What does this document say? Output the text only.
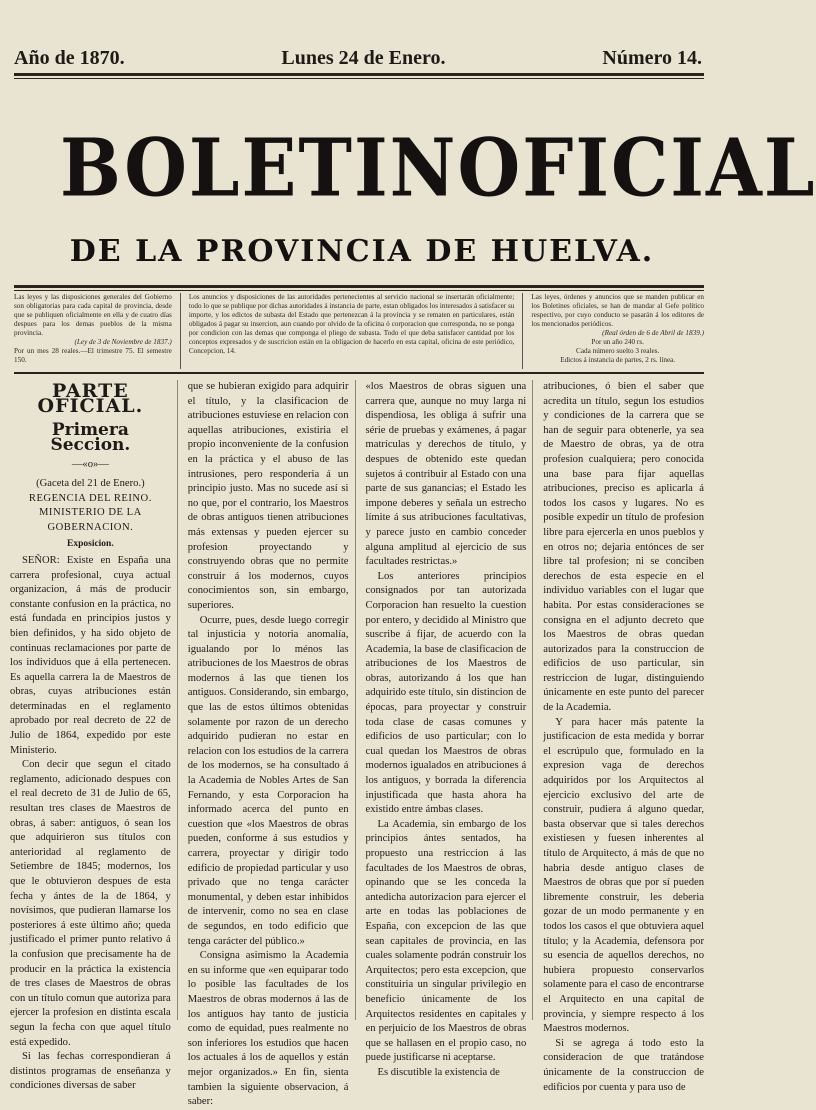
Año de 1870.	Lunes 24 de Enero.	Número 14.
BOLETIN OFICIAL
DE LA PROVINCIA DE HUELVA.
Las leyes y las disposiciones generales del Gobierno son obligatorias para cada capital de provincia, desde que se publiquen oficialmente en ella y de cuatro días despues para los demas pueblos de la misma provincia.
(Ley de 3 de Noviembre de 1837.)
Por un mes 28 reales.—El trimestre 75. El semestre 150.
Los anuncios y disposiciones de las autoridades pertenecientes al servicio nacional se insertarán oficialmente; todo lo que se publique por dichas autoridades á instancia de parte, estan obligados los interesados á satisfacer su importe, y los edictos de subasta del Estado que pertenezcan á la provincia y se rematen en particulares, están obligados á pagar su insercion, aun cuando por olvido de la oficina ó corporacion que corresponda, no se ponga por condicion con las demas que componga el pliego de subasta. Todo el que deba satisfacer cantidad por los conceptos expresados y de suscricion están en la obligacion de hacerlo en esta capital, oficina de este periódico, Concepcion, 14.
Las leyes, órdenes y anuncios que se manden publicar en los Boletines oficiales, se han de mandar al Gefe político respectivo, por cuyo conducto se pasarán á los editores de los mencionados periódicos.
(Real órden de 6 de Abril de 1839.)
Por un año 240 rs.
Cada número suelto 3 reales.
Edictos á instancia de partes, 2 rs. línea.
PARTE OFICIAL.
Primera Seccion.
—«o»—

(Gaceta del 21 de Enero.)

REGENCIA DEL REINO.

MINISTERIO DE LA GOBERNACION.

Exposicion.

SEÑOR: Existe en España una carrera profesional, cuya actual organizacion, á más de producir constante confusion en la práctica, no está fundada en principios justos y bien definidos, y ha sido objeto de continuas reclamaciones por parte de los individuos que á ella pertenecen. Es aquella carrera la de Maestros de obras, cuyas atribuciones están determinadas en el reglamento aprobado por real decreto de 22 de Julio de 1864, expedido por este Ministerio.

Con decir que segun el citado reglamento, adicionado despues con el real decreto de 31 de Julio de 65, resultan tres clases de Maestros de obras, á saber: antiguos, ó sean los que adquirieron sus títulos con anterioridad al reglamento de Setiembre de 1845; modernos, los que le obtuvieron despues de esta fecha y ántes de la de 1864, y novísimos, que pudieran llamarse los posteriores á este último año; queda justificado el primer punto relativo á la confusion que precisamente ha de producir en la práctica la existencia de tres clases de Maestros de obras con un título comun que autoriza para ejercer la profesion en distinta escala segun la fecha con que aquel título está expedido.

Si las fechas correspondieran á distintos programas de enseñanza y condiciones diversas de saber

que se hubieran exigido para adquirir el título, y la clasificacion de atribuciones estuviese en relacion con aquellas atribuciones, existiria el propio inconveniente de la confusion en la práctica y el abuso de las intrusiones, pero responderia á un principio justo. Mas no sucede así si no que, por el contrario, los Maestros de obras antiguos tienen atribuciones más extensas y pueden ejercer su profesion proyectando y construyendo obras que no permite construir á los modernos, cuyos conocimientos son, sin embargo, superiores.

Ocurre, pues, desde luego corregir tal injusticia y notoria anomalía, igualando por lo ménos las atribuciones de los Maestros de obras modernos á las que tienen los antiguos. Considerando, sin embargo, que las de estos últimos obtenidas solamente por razon de un derecho adquirido pudieran no estar en relacion con los estudios de la carrera de los modernos, se ha consultado á la Academia de Nobles Artes de San Fernando, y esta Corporacion ha informado acerca del punto en cuestion que «los Maestros de obras pueden, conforme á sus estudios y carrera, proyectar y dirigir todo edificio de propiedad particular y uso privado que no tenga carácter monumental, y deben estar inhibidos de intervenir, como no sea en clase de segundos, en todo edificio que tenga carácter del público.»

Consigna asimismo la Academia en su informe que «en equiparar todo lo posible las facultades de los Maestros de obras modernos á las de los antiguos hay tanto de justicia como de equidad, pues realmente no son inferiores los estudios que hacen los actuales á los de aquellos y están mejor organizados.» En fin, sienta tambien la siguiente observacion, á saber:

«los Maestros de obras siguen una carrera que, aunque no muy larga ni dispendiosa, les obliga á sufrir una série de pruebas y exámenes, á pagar matrículas y derechos de título, y despues de obtenido este quedan sujetos á contribuir al Estado con una parte de sus ganancias; el Estado les impone deberes y señala un estrecho límite á sus atribuciones facultativas, y parece justo en cambio conceder alguna amplitud al ejercicio de sus facultades restrictas.»

Los anteriores principios consignados por tan autorizada Corporacion han resuelto la cuestion por entero, y decidido al Ministro que suscribe á fijar, de acuerdo con la Academia, la base de clasificacion de atribuciones de los Maestros de obras, autorizando á los que han adquirido este título, sin distincion de épocas, para proyectar y construir toda clase de casas comunes y edificios de uso particular; con lo cual quedan los Maestros de obras modernos igualados en atribuciones á los antiguos, y borrada la diferencia injustificada que hasta ahora ha existido entre ámbas clases.

La Academia, sin embargo de los principios ántes sentados, ha propuesto una restriccion á las facultades de los Maestros de obras, opinando que se les conceda la antedicha autorizacion para ejercer el arte en todas las poblaciones de España, con excepcion de las que sean capitales de provincia, en las cuales solamente podrán construir los Arquitectos; pero esta excepcion, que constituiria un singular privilegio en beneficio únicamente de los Arquitectos residentes en capitales y en perjuicio de los Maestros de obras que se hallasen en el propio caso, no puede justificarse ni aceptarse.

Es discutible la existencia de

atribuciones, ó bien el saber que acredita un título, segun los estudios y condiciones de la carrera que se han de seguir para obtenerle, ya sea de Maestro de obras, ya de otra profesion cualquiera; pero conocida una base para fijar aquellas atribuciones, preciso es aplicarla á todos los casos y lugares. No es posible expedir un título de profesion libre para ejercerla en unos pueblos y en otros no; dejaria entónces de ser libre tal profesion; ni se conciben derechos de esta especie en el individuo variables con el lugar que habita. Por estas consideraciones se consigna en el adjunto decreto que los Maestros de obras quedan autorizados para la construccion de edificios de uso particular, sin restriccion de lugar, distinguiendo únicamente en este punto del parecer de la Academia.

Y para hacer más patente la justificacion de esta medida y borrar el escrúpulo que, formulado en la expresion vaga de derechos adquiridos por los Arquitectos al ejercicio exclusivo del arte de construir, pudiera á alguno quedar, basta observar que si tales derechos existiesen y fuesen inherentes al título de Arquitecto, á más de que no habria desde antiguo clases de Maestros de obras que por sí pueden libremente construir, les deberia gozar de un modo permanente y en todos los casos el que obtuviera aquel título; y la Academia, defensora por su esencia de aquellos derechos, no hubiera propuesto conservarlos solamente para el caso de encontrarse el Arquitecto en una capital de provincia, y siempre respecto á los Maestros modernos.

Si se agrega á todo esto la consideracion de que tratándose únicamente de la construccion de edificios por cuenta y para uso de
